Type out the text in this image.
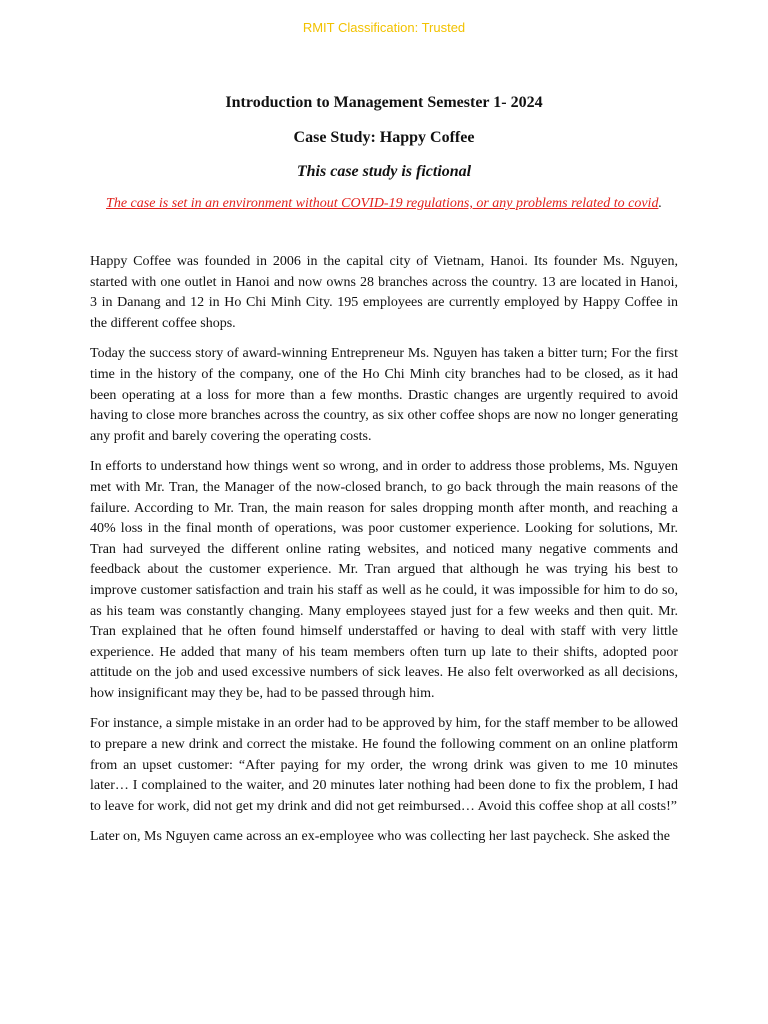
RMIT Classification: Trusted
Introduction to Management Semester 1- 2024
Case Study: Happy Coffee
This case study is fictional
The case is set in an environment without COVID-19 regulations, or any problems related to covid.

Happy Coffee was founded in 2006 in the capital city of Vietnam, Hanoi. Its founder Ms. Nguyen, started with one outlet in Hanoi and now owns 28 branches across the country. 13 are located in Hanoi, 3 in Danang and 12 in Ho Chi Minh City. 195 employees are currently employed by Happy Coffee in the different coffee shops.

Today the success story of award-winning Entrepreneur Ms. Nguyen has taken a bitter turn; For the first time in the history of the company, one of the Ho Chi Minh city branches had to be closed, as it had been operating at a loss for more than a few months. Drastic changes are urgently required to avoid having to close more branches across the country, as six other coffee shops are now no longer generating any profit and barely covering the operating costs.

In efforts to understand how things went so wrong, and in order to address those problems, Ms. Nguyen met with Mr. Tran, the Manager of the now-closed branch, to go back through the main reasons of the failure. According to Mr. Tran, the main reason for sales dropping month after month, and reaching a 40% loss in the final month of operations, was poor customer experience. Looking for solutions, Mr. Tran had surveyed the different online rating websites, and noticed many negative comments and feedback about the customer experience. Mr. Tran argued that although he was trying his best to improve customer satisfaction and train his staff as well as he could, it was impossible for him to do so, as his team was constantly changing. Many employees stayed just for a few weeks and then quit. Mr. Tran explained that he often found himself understaffed or having to deal with staff with very little experience. He added that many of his team members often turn up late to their shifts, adopted poor attitude on the job and used excessive numbers of sick leaves. He also felt overworked as all decisions, how insignificant may they be, had to be passed through him.

For instance, a simple mistake in an order had to be approved by him, for the staff member to be allowed to prepare a new drink and correct the mistake. He found the following comment on an online platform from an upset customer: “After paying for my order, the wrong drink was given to me 10 minutes later… I complained to the waiter, and 20 minutes later nothing had been done to fix the problem, I had to leave for work, did not get my drink and did not get reimbursed… Avoid this coffee shop at all costs!”

Later on, Ms Nguyen came across an ex-employee who was collecting her last paycheck. She asked the
